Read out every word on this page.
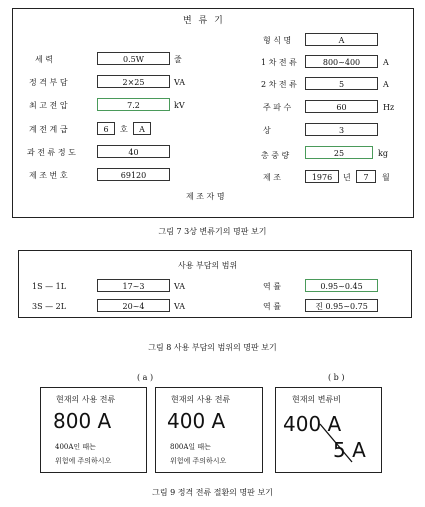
변 류 기
세 력	0.5W	줄
정 격 부 담	2×25	VA
최 고 전 압	7.2	kV
계 전 계 급	6	호	A
과 전 류 정 도	40
제 조 번 호	69120
형 식 명	A
1 차 전 류	800~400	A
2 차 전 류	5	A
주 파 수	60	Hz
상	3
총 중 량	25	kg
제 조	1976	년	7	월
제 조 자 명
그림 7 3상 변류기의 명판 보기
사용 부담의 범위
1S — 1L	17~3	VA	역 률	0.95~0.45
3S — 2L	20~4	VA	역 률	진 0.95~0.75
그림 8 사용 부담의 범위의 명판 보기
( a )	( b )
현재의 사용 전류
800 A
400A인 때는
위험에 주의하시오
현재의 사용 전류
400 A
800A일 때는
위험에 주의하시오
현재의 변류비
400 A
5 A
그림 9 정격 전류 절환의 명판 보기
